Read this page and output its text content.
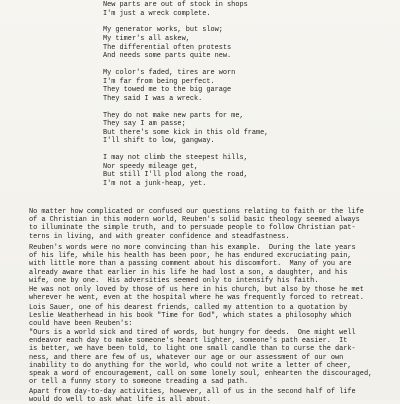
New parts are out of stock in shops
I'm just a wreck complete.
My generator works, but slow;
My timer's all askew,
The differential often protests
And needs some parts quite new.
My color's faded, tires are worn
I'm far from being perfect.
They towed me to the big garage
They said I was a wreck.
They do not make new parts for me,
They say I am passe;
But there's some kick in this old frame,
I'll shift to low, gangway.
I may not climb the steepest hills,
Nor speedy mileage get,
But still I'll plod along the road,
I'm not a junk-heap, yet.
No matter how complicated or confused our questions relating to faith or the life
of a Christian in this modern world, Reuben's solid basic theology seemed always
to illuminate the simple truth, and to persuade people to follow Christian pat-
terns in living, and with greater confidence and steadfastness.
Reuben's words were no more convincing than his example.  During the late years
of his life, while his health has been poor, he has endured excruciating pain,
with little more than a passing comment about his discomfort.  Many of you are
already aware that earlier in his life he had lost a son, a daughter, and his
wife, one by one.  His adversities seemed only to intensify his faith.
He was not only loved by those of us here in his church, but also by those he met
wherever he went, even at the hospital where he was frequently forced to retreat.
Lois Sauer, one of his dearest friends, called my attention to a quotation by
Leslie Weatherhead in his book "Time for God", which states a philosophy which
could have been Reuben's:
"Ours is a world sick and tired of words, but hungry for deeds.  One might well
endeavor each day to make someone's heart lighter, someone's path easier.  It
is better, we have been told, to light one small candle than to curse the dark-
ness, and there are few of us, whatever our age or our assessment of our own
inability to do anything for the world, who could not write a letter of cheer,
speak a word of encouragement, call on some lonely soul, enhearten the discouraged,
or tell a funny story to someone treading a sad path.
Apart from day-to-day activities, however, all of us in the second half of life
would do well to ask what life is all about.
